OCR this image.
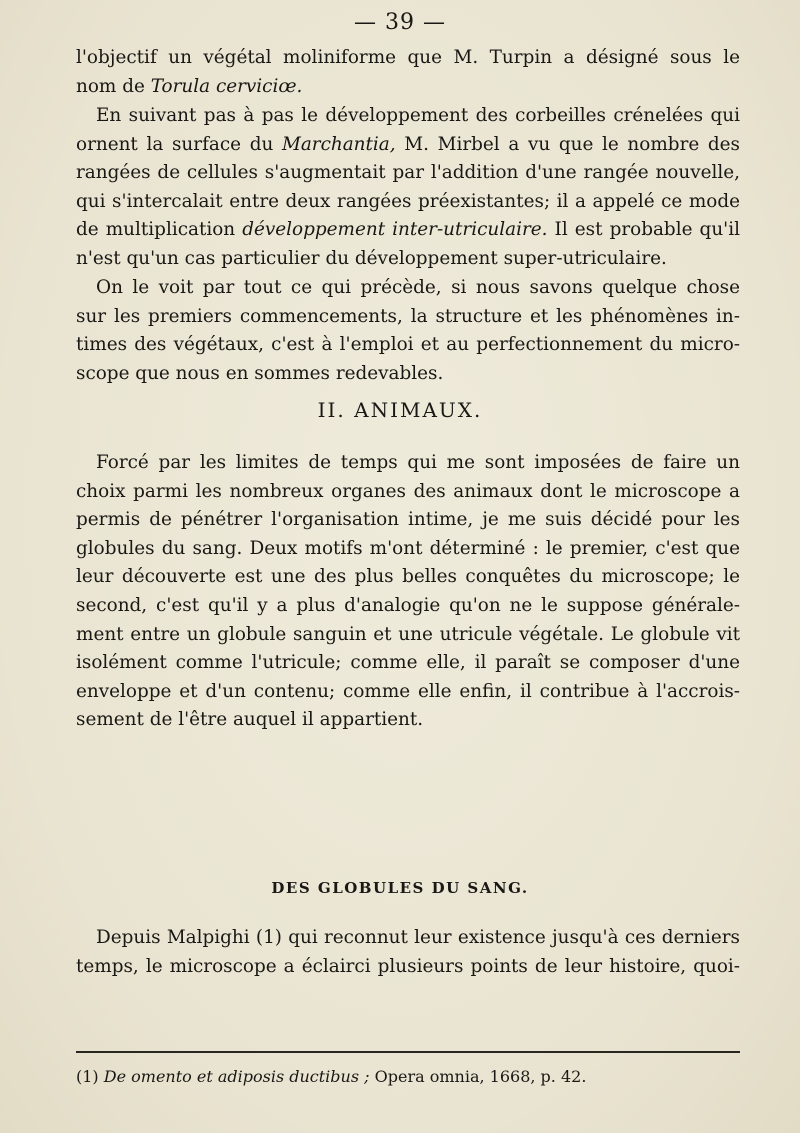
— 39 —
l'objectif un végétal moliniforme que M. Turpin a désigné sous le
nom de Torula cerviciœ.
En suivant pas à pas le développement des corbeilles crénelées qui
ornent la surface du Marchantia, M. Mirbel a vu que le nombre des
rangées de cellules s'augmentait par l'addition d'une rangée nouvelle,
qui s'intercalait entre deux rangées préexistantes; il a appelé ce mode
de multiplication développement inter-utriculaire. Il est probable qu'il
n'est qu'un cas particulier du développement super-utriculaire.
On le voit par tout ce qui précède, si nous savons quelque chose
sur les premiers commencements, la structure et les phénomènes in-
times des végétaux, c'est à l'emploi et au perfectionnement du micro-
scope que nous en sommes redevables.
II. ANIMAUX.
Forcé par les limites de temps qui me sont imposées de faire un
choix parmi les nombreux organes des animaux dont le microscope a
permis de pénétrer l'organisation intime, je me suis décidé pour les
globules du sang. Deux motifs m'ont déterminé : le premier, c'est que
leur découverte est une des plus belles conquêtes du microscope; le
second, c'est qu'il y a plus d'analogie qu'on ne le suppose générale-
ment entre un globule sanguin et une utricule végétale. Le globule vit
isolément comme l'utricule; comme elle, il paraît se composer d'une
enveloppe et d'un contenu; comme elle enfin, il contribue à l'accrois-
sement de l'être auquel il appartient.
DES GLOBULES DU SANG.
Depuis Malpighi (1) qui reconnut leur existence jusqu'à ces derniers
temps, le microscope a éclairci plusieurs points de leur histoire, quoi-
(1) De omento et adiposis ductibus ; Opera omnia, 1668, p. 42.
